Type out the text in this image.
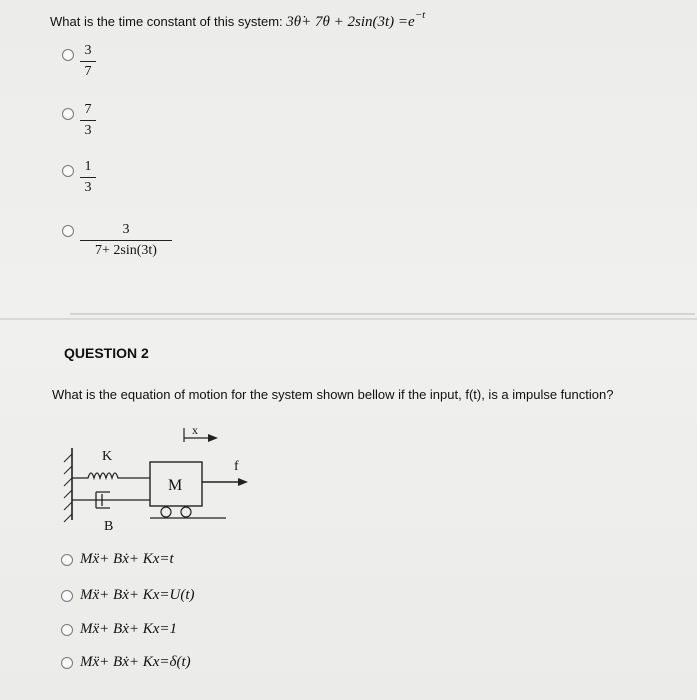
What is the time constant of this system: 3θ̇+ $7\theta + 2\sin(3t) =e^{-t}$
3
7
7
3
1
3
3
7+ 2sin(3t)
QUESTION 2
What is the equation of motion for the system shown bellow if the input, f(t), is a impulse function?
K
B
M
f
x
Mẍ+ Bẋ+ Kx=t
Mẍ+ Bẋ+ Kx=U(t)
Mẍ+ Bẋ+ Kx=1
Mẍ+ Bẋ+ Kx=δ(t)
